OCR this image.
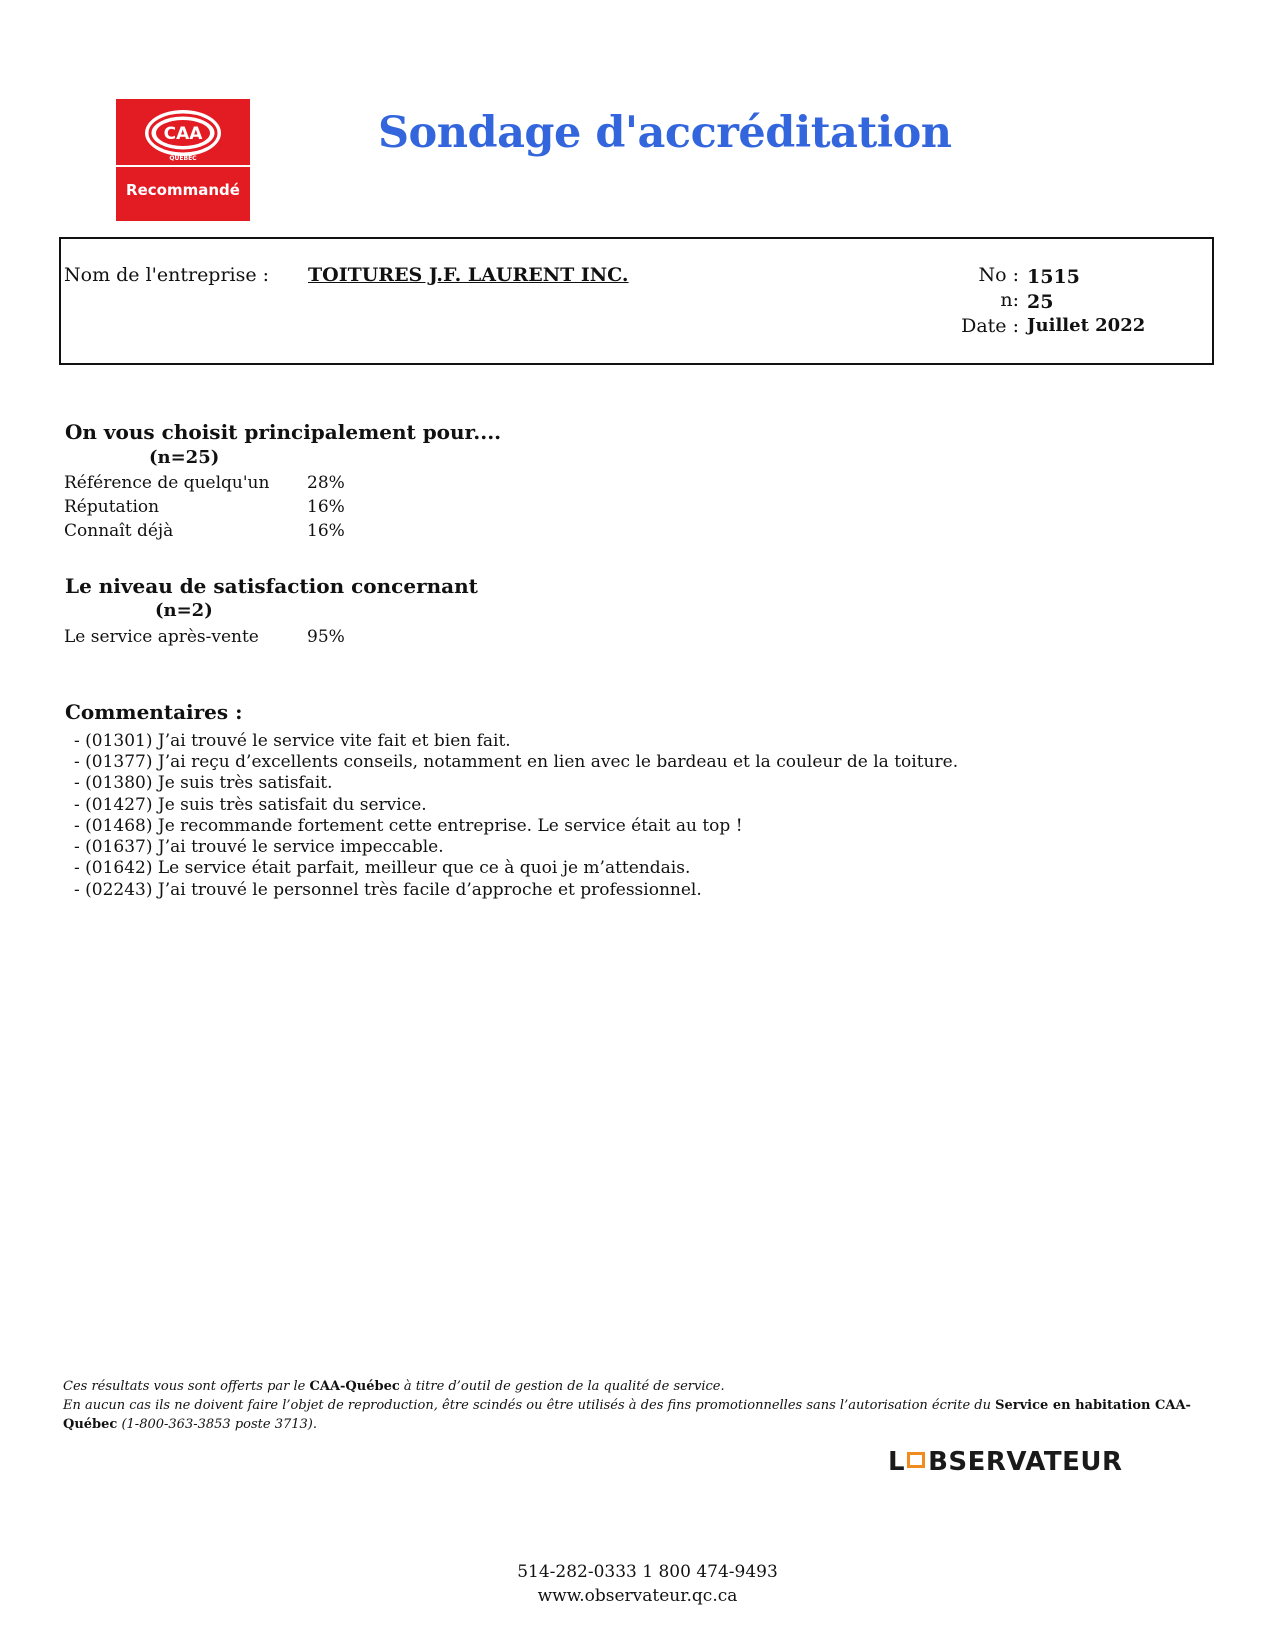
CAA
QUÉBEC
Recommandé
Sondage d'accréditation
Nom de l'entreprise : TOITURES J.F. LAURENT INC.	No : 1515
n: 25
Date : Juillet 2022
On vous choisit principalement pour....
(n=25)
Référence de quelqu'un 28%
Réputation	16%
Connaît déjà	16%
Le niveau de satisfaction concernant
(n=2)
Le service après-vente	95%
Commentaires :
- (01301) J’ai trouvé le service vite fait et bien fait.
- (01377) J’ai reçu d’excellents conseils, notamment en lien avec le bardeau et la couleur de la toiture.
- (01380) Je suis très satisfait.
- (01427) Je suis très satisfait du service.
- (01468) Je recommande fortement cette entreprise. Le service était au top !
- (01637) J’ai trouvé le service impeccable.
- (01642) Le service était parfait, meilleur que ce à quoi je m’attendais.
- (02243) J’ai trouvé le personnel très facile d’approche et professionnel.
Ces résultats vous sont offerts par le CAA-Québec à titre d’outil de gestion de la qualité de service.
En aucun cas ils ne doivent faire l’objet de reproduction, être scindés ou être utilisés à des fins promotionnelles sans l’autorisation écrite du Service en habitation CAA-
Québec (1-800-363-3853 poste 3713).
L BSERVATEUR
514-282-0333 1 800 474-9493
www.observateur.qc.ca
